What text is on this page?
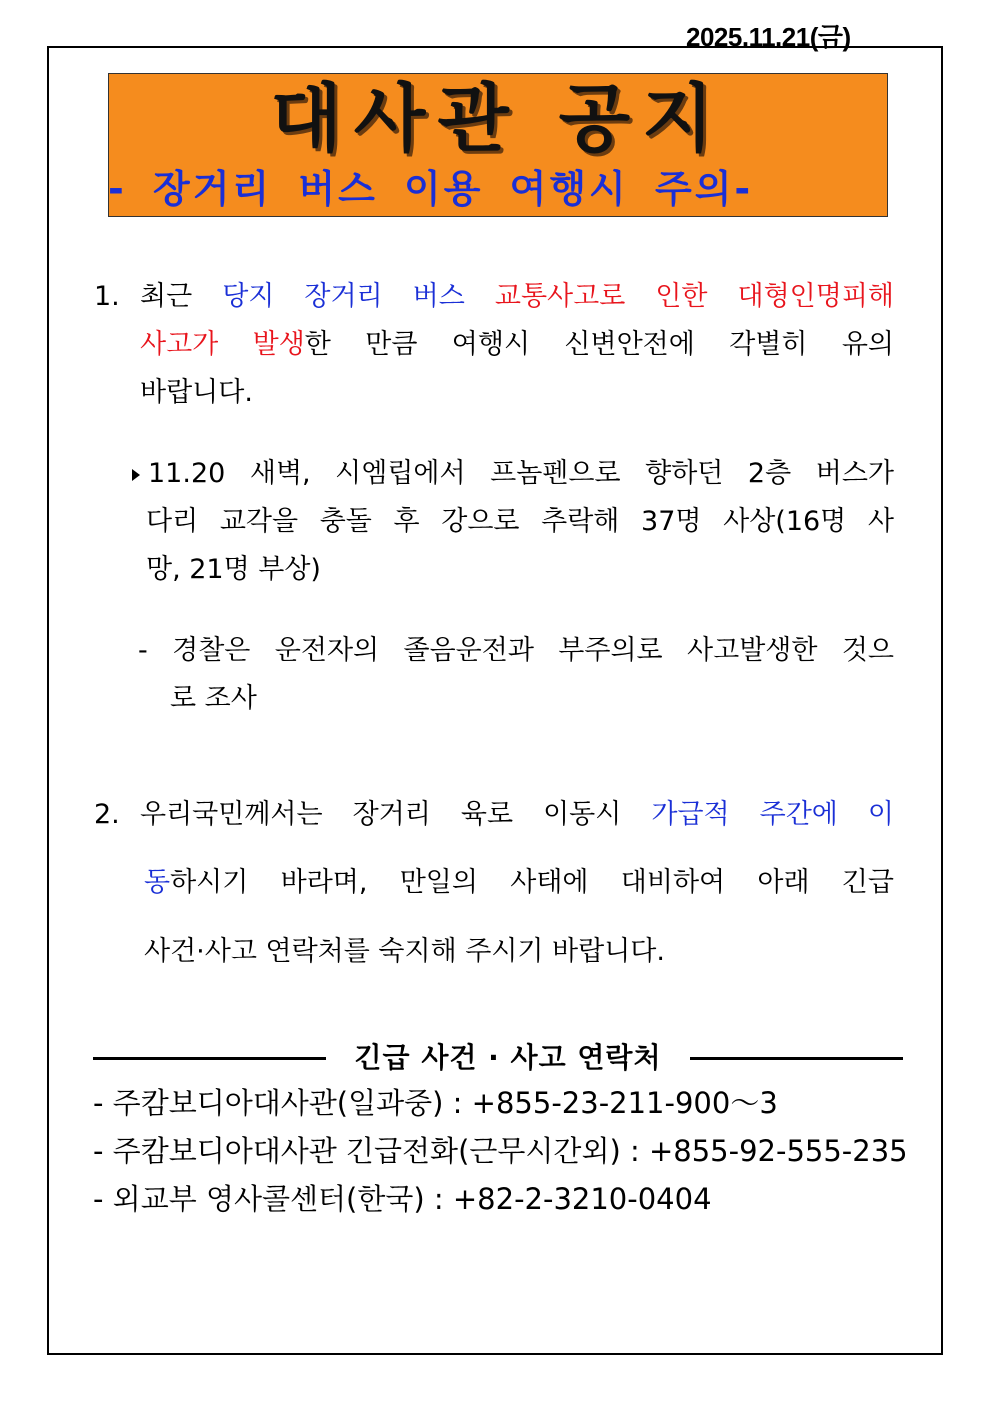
2025.11.21(금)
대사관 공지
- 장거리 버스 이용 여행시 주의-
1. 최근 당지 장거리 버스 교통사고로 인한 대형인명피해
사고가 발생한 만큼 여행시 신변안전에 각별히 유의
바랍니다.
11.20 새벽, 시엠립에서 프놈펜으로 향하던 2층 버스가
다리 교각을 충돌 후 강으로 추락해 37명 사상(16명 사
망, 21명 부상)
- 경찰은 운전자의 졸음운전과 부주의로 사고발생한 것으
로 조사
2. 우리국민께서는 장거리 육로 이동시 가급적 주간에 이
동하시기 바라며, 만일의 사태에 대비하여 아래 긴급
사건·사고 연락처를 숙지해 주시기 바랍니다.
긴급 사건 · 사고 연락처
- 주캄보디아대사관(일과중) : +855-23-211-900～3
- 주캄보디아대사관 긴급전화(근무시간외) : +855-92-555-235
- 외교부 영사콜센터(한국) : +82-2-3210-0404
